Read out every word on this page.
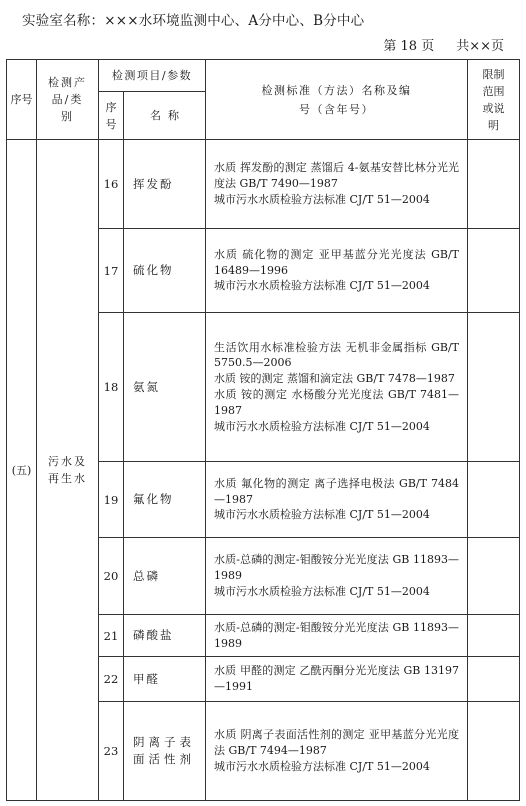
实验室名称：×××水环境监测中心、A分中心、B分中心
第 18 页 共××页
序号	检测产品/类别	检测项目/参数		检测标准（方法）名称及编号（含年号）	限制范围或说明
		序号	名  称		
(五)	污水及再生水	16	挥发酚	水质 挥发酚的测定 蒸馏后 4-氨基安替比林分光光度法 GB/T 7490—1987
城市污水水质检验方法标准 CJ/T 51—2004	

		17	硫化物	水质 硫化物的测定 亚甲基蓝分光光度法 GB/T 16489—1996
城市污水水质检验方法标准 CJ/T 51—2004	

		18	氨氮	生活饮用水标准检验方法 无机非金属指标 GB/T 5750.5—2006
水质 铵的测定 蒸馏和滴定法 GB/T 7478—1987
水质 铵的测定 水杨酸分光光度法 GB/T 7481—1987
城市污水水质检验方法标准 CJ/T 51—2004	

		19	氟化物	水质 氟化物的测定 离子选择电极法 GB/T 7484—1987
城市污水水质检验方法标准 CJ/T 51—2004	

		20	总磷	水质-总磷的测定-钼酸铵分光光度法 GB 11893—1989
城市污水水质检验方法标准 CJ/T 51—2004	

		21	磷酸盐	水质-总磷的测定-钼酸铵分光光度法 GB 11893—1989	

		22	甲醛	水质 甲醛的测定 乙酰丙酮分光光度法 GB 13197—1991	

		23	阴离子表面活性剂	水质 阴离子表面活性剂的测定 亚甲基蓝分光光度法 GB/T 7494—1987
城市污水水质检验方法标准 CJ/T 51—2004	
